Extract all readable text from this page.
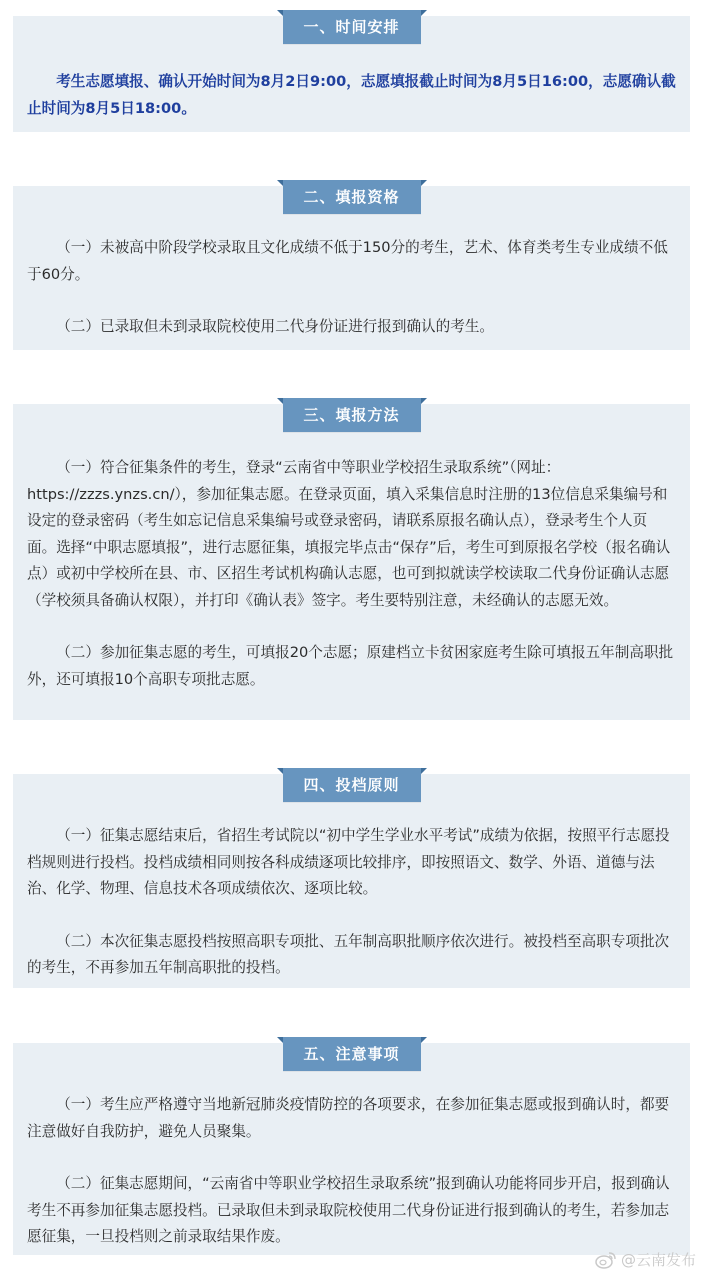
一、时间安排

考生志愿填报、确认开始时间为8月2日9:00，志愿填报截止时间为8月5日16:00，志愿确认截止时间为8月5日18:00。

二、填报资格

（一）未被高中阶段学校录取且文化成绩不低于150分的考生，艺术、体育类考生专业成绩不低于60分。

（二）已录取但未到录取院校使用二代身份证进行报到确认的考生。

三、填报方法

（一）符合征集条件的考生，登录“云南省中等职业学校招生录取系统”（网址：https://zzzs.ynzs.cn/），参加征集志愿。在登录页面，填入采集信息时注册的13位信息采集编号和设定的登录密码（考生如忘记信息采集编号或登录密码，请联系原报名确认点），登录考生个人页面。选择“中职志愿填报”，进行志愿征集，填报完毕点击“保存”后，考生可到原报名学校（报名确认点）或初中学校所在县、市、区招生考试机构确认志愿，也可到拟就读学校读取二代身份证确认志愿（学校须具备确认权限），并打印《确认表》签字。考生要特别注意，未经确认的志愿无效。

（二）参加征集志愿的考生，可填报20个志愿；原建档立卡贫困家庭考生除可填报五年制高职批外，还可填报10个高职专项批志愿。

四、投档原则

（一）征集志愿结束后，省招生考试院以“初中学生学业水平考试”成绩为依据，按照平行志愿投档规则进行投档。投档成绩相同则按各科成绩逐项比较排序，即按照语文、数学、外语、道德与法治、化学、物理、信息技术各项成绩依次、逐项比较。

（二）本次征集志愿投档按照高职专项批、五年制高职批顺序依次进行。被投档至高职专项批次的考生，不再参加五年制高职批的投档。

五、注意事项

（一）考生应严格遵守当地新冠肺炎疫情防控的各项要求，在参加征集志愿或报到确认时，都要注意做好自我防护，避免人员聚集。

（二）征集志愿期间，“云南省中等职业学校招生录取系统”报到确认功能将同步开启，报到确认考生不再参加征集志愿投档。已录取但未到录取院校使用二代身份证进行报到确认的考生，若参加志愿征集，一旦投档则之前录取结果作废。

@云南发布
